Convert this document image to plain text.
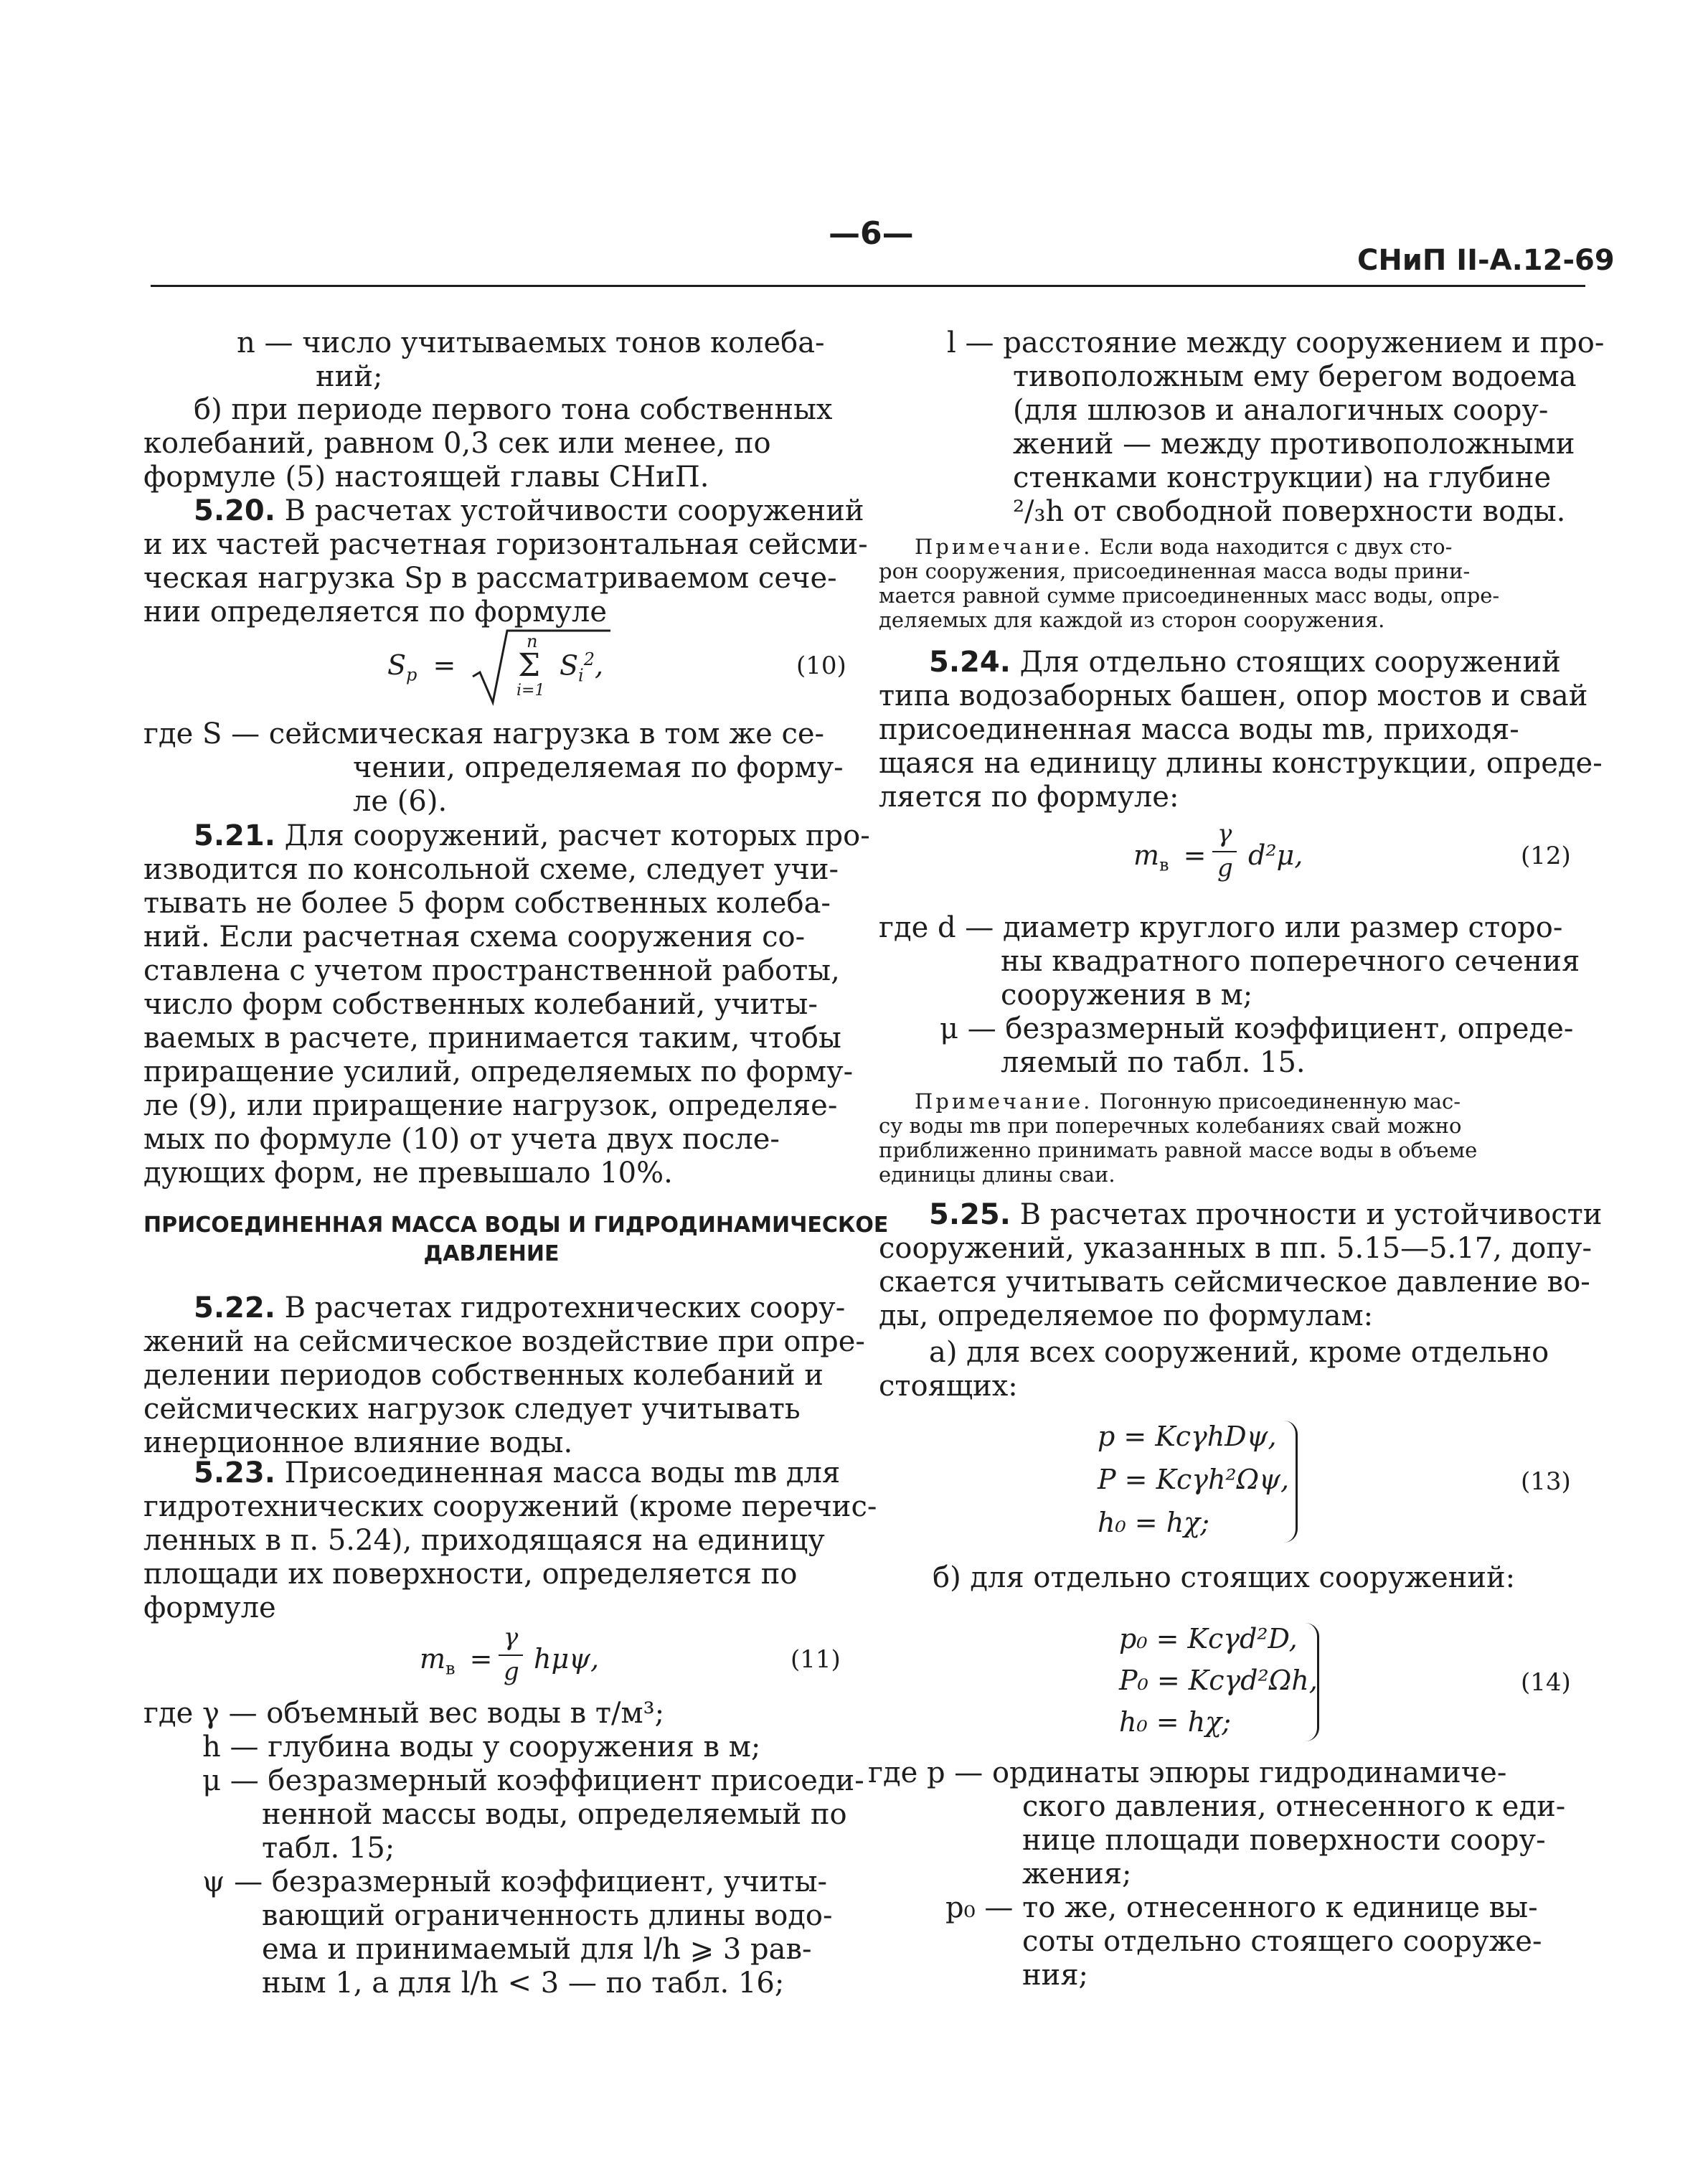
—6—
СНиП II-А.12-69
n — число учитываемых тонов колеба-
ний;
б) при периоде первого тона собственных
колебаний, равном 0,3 сек или менее, по
формуле (5) настоящей главы СНиП.
5.20. В расчетах устойчивости сооружений
и их частей расчетная горизонтальная сейсми-
ческая нагрузка Sр в рассматриваемом сече-
нии определяется по формуле
$S_p$ =
n
Σ
i=1
$S_i^2$,	(10)
где S — сейсмическая нагрузка в том же се-
чении, определяемая по форму-
ле (6).
5.21. Для сооружений, расчет которых про-
изводится по консольной схеме, следует учи-
тывать не более 5 форм собственных колеба-
ний. Если расчетная схема сооружения со-
ставлена с учетом пространственной работы,
число форм собственных колебаний, учиты-
ваемых в расчете, принимается таким, чтобы
приращение усилий, определяемых по форму-
ле (9), или приращение нагрузок, определяе-
мых по формуле (10) от учета двух после-
дующих форм, не превышало 10%.
ПРИСОЕДИНЕННАЯ МАССА ВОДЫ И ГИДРОДИНАМИЧЕСКОЕ
ДАВЛЕНИЕ
5.22. В расчетах гидротехнических соору-
жений на сейсмическое воздействие при опре-
делении периодов собственных колебаний и
сейсмических нагрузок следует учитывать
инерционное влияние воды.
5.23. Присоединенная масса воды mв для
гидротехнических сооружений (кроме перечис-
ленных в п. 5.24), приходящаяся на единицу
площади их поверхности, определяется по
формуле
$m_в$ =
γ
g hμψ,	(11)
где γ — объемный вес воды в т/м³;
h — глубина воды у сооружения в м;
μ — безразмерный коэффициент присоеди-
ненной массы воды, определяемый по
табл. 15;
ψ — безразмерный коэффициент, учиты-
вающий ограниченность длины водо-
ема и принимаемый для l/h ⩾ 3 рав-
ным 1, а для l/h < 3 — по табл. 16;
l — расстояние между сооружением и про-
тивоположным ему берегом водоема
(для шлюзов и аналогичных соору-
жений — между противоположными
стенками конструкции) на глубине
²/₃h от свободной поверхности воды.
Примечание. Если вода находится с двух сто-
рон сооружения, присоединенная масса воды прини-
мается равной сумме присоединенных масс воды, опре-
деляемых для каждой из сторон сооружения.
5.24. Для отдельно стоящих сооружений
типа водозаборных башен, опор мостов и свай
присоединенная масса воды mв, приходя-
щаяся на единицу длины конструкции, опреде-
ляется по формуле:
$m_в$ =
γ
g d²μ,	(12)
где d — диаметр круглого или размер сторо-
ны квадратного поперечного сечения
сооружения в м;
μ — безразмерный коэффициент, опреде-
ляемый по табл. 15.
Примечание. Погонную присоединенную мас-
су воды mв при поперечных колебаниях свай можно
приближенно принимать равной массе воды в объеме
единицы длины сваи.
5.25. В расчетах прочности и устойчивости
сооружений, указанных в пп. 5.15—5.17, допу-
скается учитывать сейсмическое давление во-
ды, определяемое по формулам:
а) для всех сооружений, кроме отдельно
стоящих:
p = KсγhDψ,
P = Kсγh²Ωψ,
h₀ = hχ;
(13)
б) для отдельно стоящих сооружений:
p₀ = Kсγd²D,
P₀ = Kсγd²Ωh,
h₀ = hχ;
(14)
где p — ординаты эпюры гидродинамиче-
ского давления, отнесенного к еди-
нице площади поверхности соору-
жения;
p₀ — то же, отнесенного к единице вы-
соты отдельно стоящего сооруже-
ния;
